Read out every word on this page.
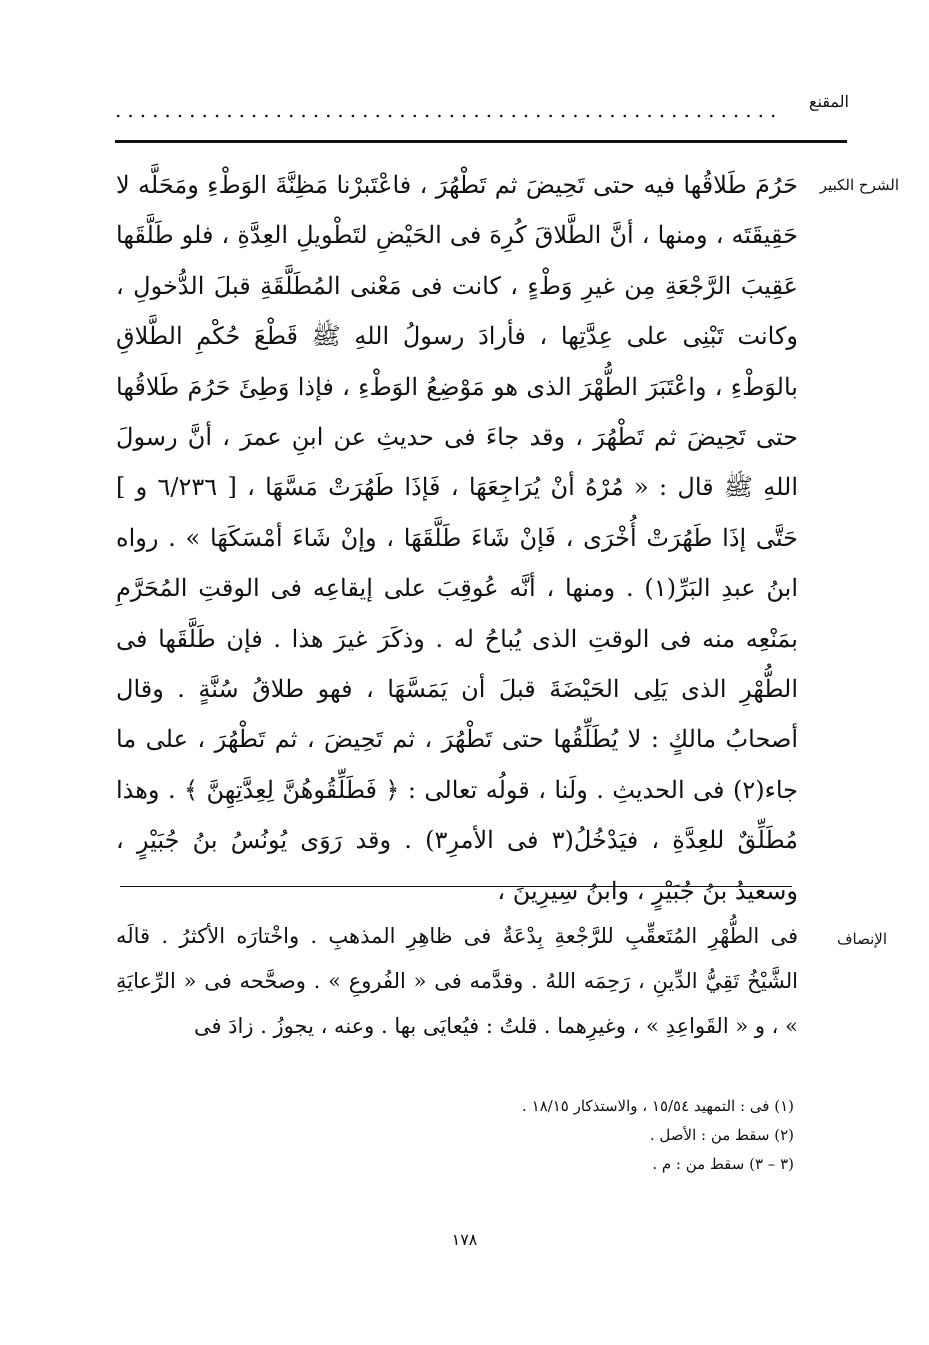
المقنع
......................................................
الشرح الكبير

حَرُمَ طَلاقُها فيه حتى تَحِيضَ ثم تَطْهُرَ ، فاعْتَبرْنا مَظِنَّةَ الوَطْءِ ومَحَلَّه لا حَقِيقَتَه ، ومنها ، أنَّ الطَّلاقَ كُرِهَ فى الحَيْضِ لتَطْويلِ العِدَّةِ ، فلو طَلَّقَها عَقِيبَ الرَّجْعَةِ مِن غيرِ وَطْءٍ ، كانت فى مَعْنى المُطَلَّقَةِ قبلَ الدُّخولِ ، وكانت تَبْنِى على عِدَّتِها ، فأرادَ رسولُ اللهِ ﷺ قَطْعَ حُكْمِ الطَّلاقِ بالوَطْءِ ، واعْتَبَرَ الطُّهْرَ الذى هو مَوْضِعُ الوَطْءِ ، فإذا وَطِئَ حَرُمَ طَلاقُها حتى تَحِيضَ ثم تَطْهُرَ ، وقد جاءَ فى حديثِ عن ابنِ عمرَ ، أنَّ رسولَ اللهِ ﷺ قال : « مُرْهُ أنْ يُرَاجِعَهَا ، فَإذَا طَهُرَتْ مَسَّهَا ، [ ٦/٢٣٦ و ] حَتَّى إذَا طَهُرَتْ أُخْرَى ، فَإنْ شَاءَ طَلَّقَهَا ، وإنْ شَاءَ أمْسَكَهَا » . رواه ابنُ عبدِ البَرِّ(١) . ومنها ، أنَّه عُوقِبَ على إيقاعِه فى الوقتِ المُحَرَّمِ بمَنْعِه منه فى الوقتِ الذى يُباحُ له . وذكَرَ غيرَ هذا . فإن طَلَّقَها فى الطُّهْرِ الذى يَلِى الحَيْضَةَ قبلَ أن يَمَسَّهَا ، فهو طلاقُ سُنَّةٍ . وقال أصحابُ مالكٍ : لا يُطَلِّقُها حتى تَطْهُرَ ، ثم تَحِيضَ ، ثم تَطْهُرَ ، على ما جاء(٢) فى الحديثِ . ولَنا ، قولُه تعالى : ﴿ فَطَلِّقُوهُنَّ لِعِدَّتِهِنَّ ﴾ . وهذا مُطَلِّقٌ للعِدَّةِ ، فيَدْخُلُ(٣ فى الأمرِ٣) . وقد رَوَى يُونُسُ بنُ جُبَيْرٍ ، وسعيدُ بنُ جُبَيْرٍ ، وابنُ سِيرِينَ ،

الإنصاف

فى الطُّهْرِ المُتَعقِّبِ للرَّجْعةِ بِدْعَةٌ فى ظاهِرِ المذهبِ . واخْتارَه الأكثرُ . قالَه الشَّيْخُ تَقِيُّ الدِّينِ ، رَحِمَه اللهُ . وقدَّمه فى « الفُروعِ » . وصحَّحه فى « الرِّعايَةِ » ، و « القَواعِدِ » ، وغيرِهما . قلتُ : فيُعايَى بها . وعنه ، يجوزُ . زادَ فى

(١) فى : التمهيد ١٥/٥٤ ، والاستذكار ١٨/١٥ .

(٢) سقط من : الأصل .

(٣ – ٣) سقط من : م .

١٧٨
